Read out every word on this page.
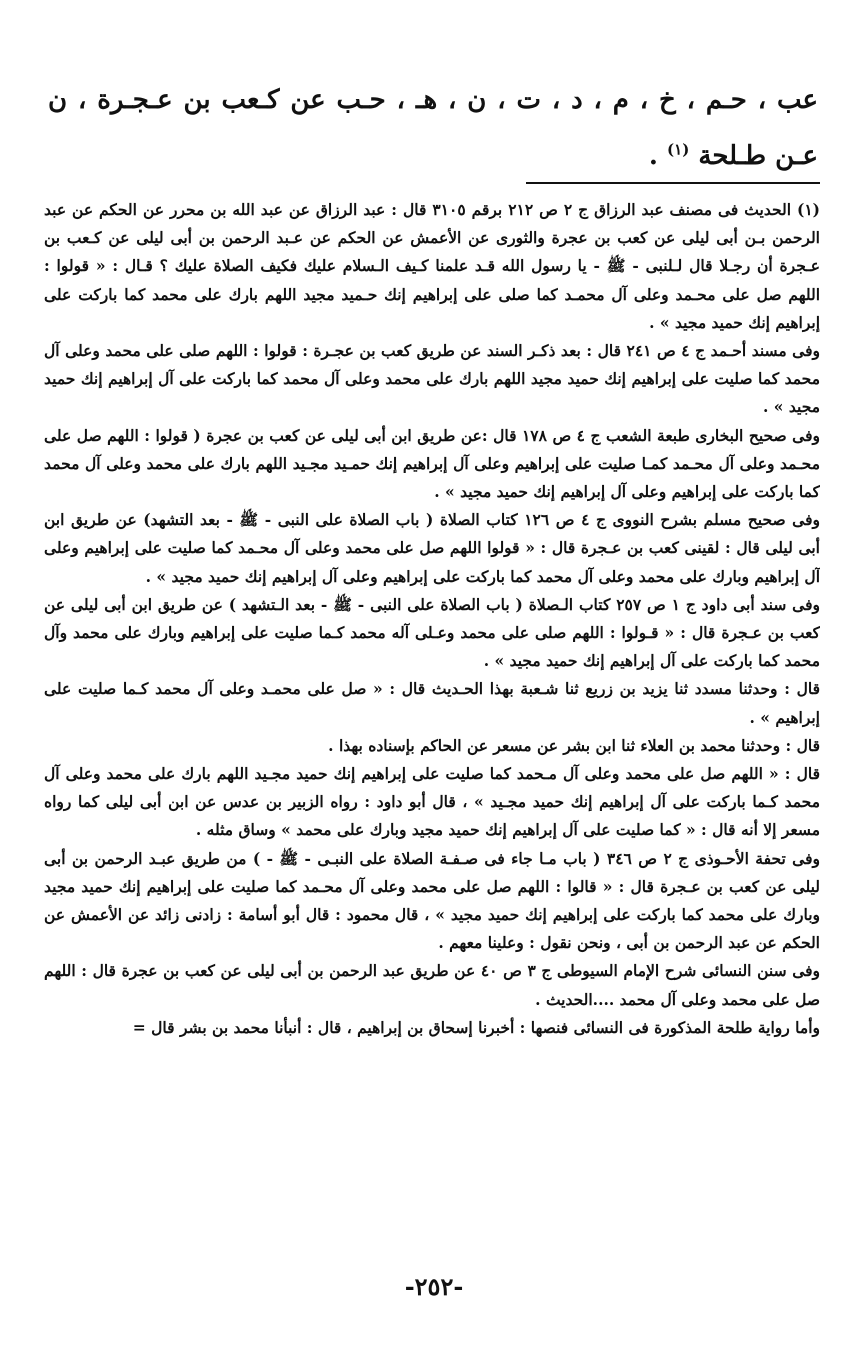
عب ، حـم ، خ ، م ، د ، ت ، ن ، هـ ، حـب عن كـعب بن عـجـرة ، ن عـن طـلحة $^{(١)}$ .

(١) الحديث فى مصنف عبد الرزاق ج ٢ ص ٢١٢ برقم ٣١٠٥ قال : عبد الرزاق عن عبد الله بن محرر عن الحكم عن عبد الرحمن بـن أبى ليلى عن كعب بن عجرة والثورى عن الأعمش عن الحكم عن عـبد الرحمن بن أبى ليلى عن كـعب بن عـجرة أن رجـلا قال لـلنبى - ﷺ - يا رسول الله قـد علمنا كـيف الـسلام عليك فكيف الصلاة عليك ؟ قـال : « قولوا : اللهم صل على محـمد وعلى آل محمـد كما صلى على إبراهيم إنك حـميد مجيد اللهم بارك على محمد كما باركت على إبراهيم إنك حميد مجيد » .

وفى مسند أحـمد ج ٤ ص ٢٤١ قال : بعد ذكـر السند عن طريق كعب بن عجـرة : قولوا : اللهم صلى على محمد وعلى آل محمد كما صليت على إبراهيم إنك حميد مجيد اللهم بارك على محمد وعلى آل محمد كما باركت على آل إبراهيم إنك حميد مجيد » .

وفى صحيح البخارى طبعة الشعب ج ٤ ص ١٧٨ قال :عن طريق ابن أبى ليلى عن كعب بن عجرة ( قولوا : اللهم صل على محـمد وعلى آل محـمد كمـا صليت على إبراهيم وعلى آل إبراهيم إنك حمـيد مجـيد اللهم بارك على محمد وعلى آل محمد كما باركت على إبراهيم وعلى آل إبراهيم إنك حميد مجيد » .

وفى صحيح مسلم بشرح النووى ج ٤ ص ١٢٦ كتاب الصلاة ( باب الصلاة على النبى - ﷺ - بعد التشهد) عن طريق ابن أبى ليلى قال : لقينى كعب بن عـجرة قال : « قولوا اللهم صل على محمد وعلى آل محـمد كما صليت على إبراهيم وعلى آل إبراهيم وبارك على محمد وعلى آل محمد كما باركت على إبراهيم وعلى آل إبراهيم إنك حميد مجيد » .

وفى سند أبى داود ج ١ ص ٢٥٧ كتاب الـصلاة ( باب الصلاة على النبى - ﷺ - بعد الـتشهد ) عن طريق ابن أبى ليلى عن كعب بن عـجرة قال : « قـولوا : اللهم صلى على محمد وعـلى آله محمد كـما صليت على إبراهيم وبارك على محمد وآل محمد كما باركت على آل إبراهيم إنك حميد مجيد » .

قال : وحدثنا مسدد ثنا يزيد بن زريع ثنا شـعبة بهذا الحـديث قال : « صل على محمـد وعلى آل محمد كـما صليت على إبراهيم » .

قال : وحدثنا محمد بن العلاء ثنا ابن بشر عن مسعر عن الحاكم بإسناده بهذا .

قال : « اللهم صل على محمد وعلى آل مـحمد كما صليت على إبراهيم إنك حميد مجـيد اللهم بارك على محمد وعلى آل محمد كـما باركت على آل إبراهيم إنك حميد مجـيد » ، قال أبو داود : رواه الزبير بن عدس عن ابن أبى ليلى كما رواه مسعر إلا أنه قال : « كما صليت على آل إبراهيم إنك حميد مجيد وبارك على محمد » وساق مثله .

وفى تحفة الأحـوذى ج ٢ ص ٣٤٦ ( باب مـا جاء فى صـفـة الصلاة على النبـى - ﷺ - ) من طريق عبـد الرحمن بن أبى ليلى عن كعب بن عـجرة قال : « قالوا : اللهم صل على محمد وعلى آل محـمد كما صليت على إبراهيم إنك حميد مجيد وبارك على محمد كما باركت على إبراهيم إنك حميد مجيد » ، قال محمود : قال أبو أسامة : زادنى زائد عن الأعمش عن الحكم عن عبد الرحمن بن أبى ، ونحن نقول : وعلينا معهم .

وفى سنن النسائى شرح الإمام السيوطى ج ٣ ص ٤٠ عن طريق عبد الرحمن بن أبى ليلى عن كعب بن عجرة قال : اللهم صل على محمد وعلى آل محمد ....الحديث .

وأما رواية طلحة المذكورة فى النسائى فنصها : أخبرنا إسحاق بن إبراهيم ، قال : أنبأنا محمد بن بشر قال =

-٢٥٢-
